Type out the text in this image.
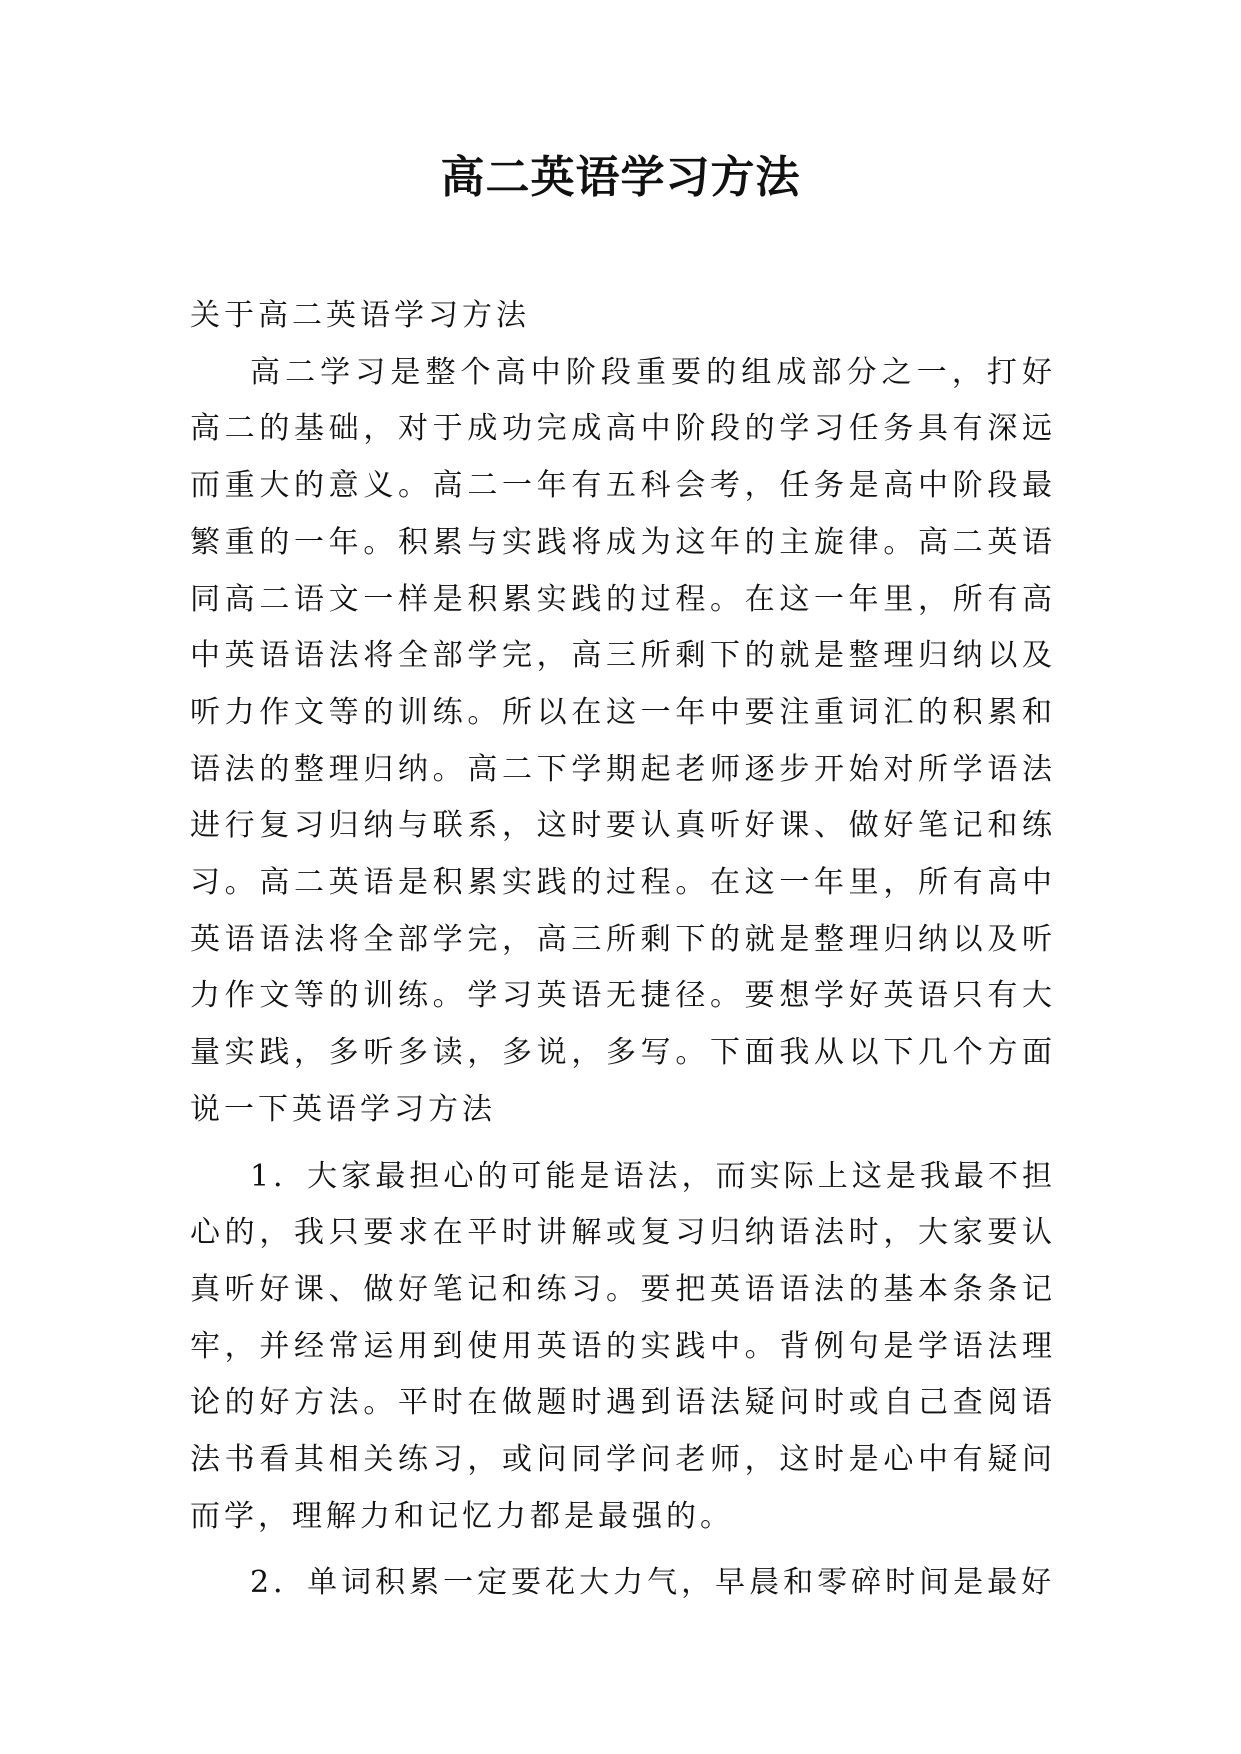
高二英语学习方法

关于高二英语学习方法

高二学习是整个高中阶段重要的组成部分之一，打好高二的基础，对于成功完成高中阶段的学习任务具有深远而重大的意义。高二一年有五科会考，任务是高中阶段最繁重的一年。积累与实践将成为这年的主旋律。高二英语同高二语文一样是积累实践的过程。在这一年里，所有高中英语语法将全部学完，高三所剩下的就是整理归纳以及听力作文等的训练。所以在这一年中要注重词汇的积累和语法的整理归纳。高二下学期起老师逐步开始对所学语法进行复习归纳与联系，这时要认真听好课、做好笔记和练习。高二英语是积累实践的过程。在这一年里，所有高中英语语法将全部学完，高三所剩下的就是整理归纳以及听力作文等的训练。学习英语无捷径。要想学好英语只有大量实践，多听多读，多说，多写。下面我从以下几个方面说一下英语学习方法

1．大家最担心的可能是语法，而实际上这是我最不担心的，我只要求在平时讲解或复习归纳语法时，大家要认真听好课、做好笔记和练习。要把英语语法的基本条条记牢，并经常运用到使用英语的实践中。背例句是学语法理论的好方法。平时在做题时遇到语法疑问时或自己查阅语法书看其相关练习，或问同学问老师，这时是心中有疑问而学，理解力和记忆力都是最强的。

2．单词积累一定要花大力气，早晨和零碎时间是最好
